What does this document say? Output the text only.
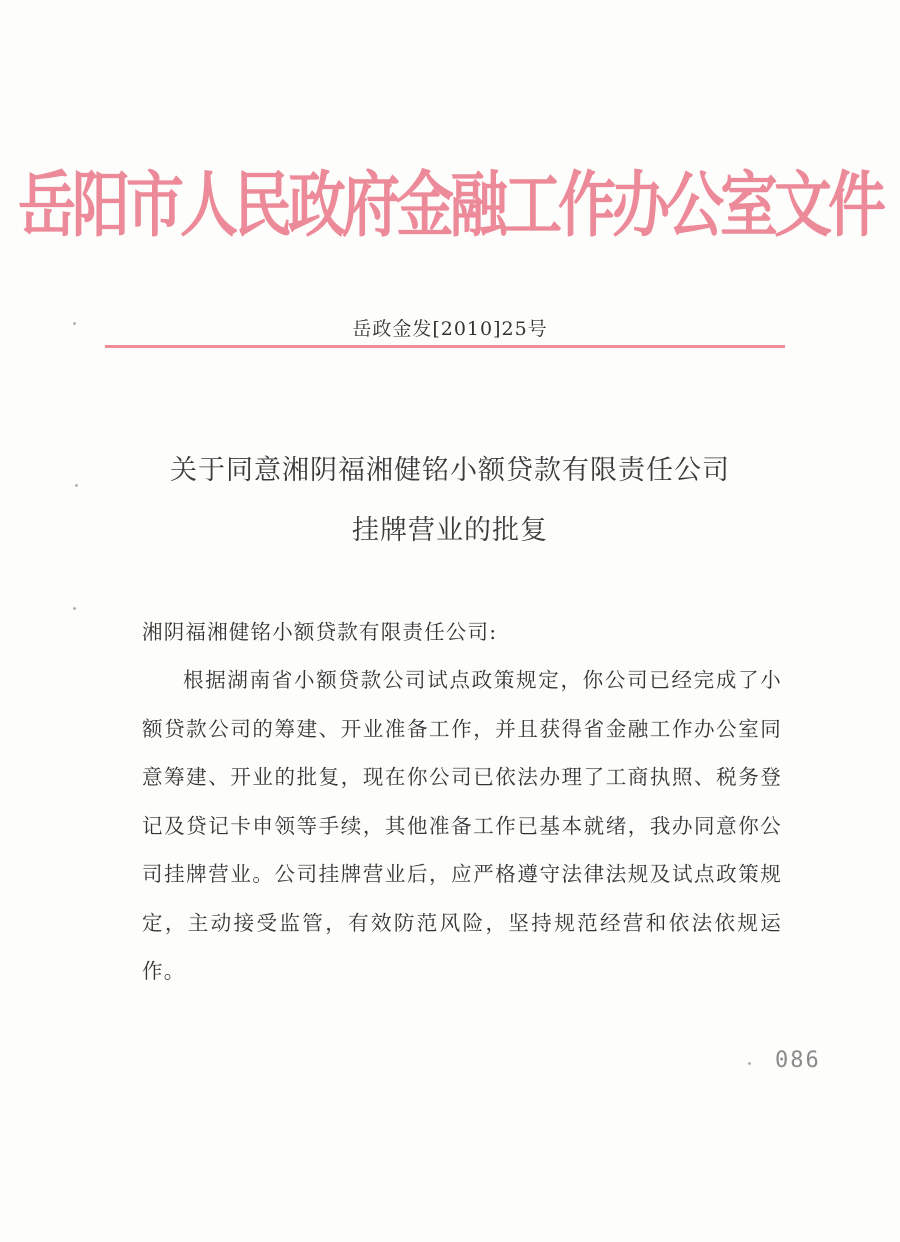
岳阳市人民政府金融工作办公室文件
岳政金发[2010]25号
关于同意湘阴福湘健铭小额贷款有限责任公司
挂牌营业的批复
湘阴福湘健铭小额贷款有限责任公司:
根据湖南省小额贷款公司试点政策规定，你公司已经完成了小额贷款公司的筹建、开业准备工作，并且获得省金融工作办公室同意筹建、开业的批复，现在你公司已依法办理了工商执照、税务登记及贷记卡申领等手续，其他准备工作已基本就绪，我办同意你公司挂牌营业。公司挂牌营业后，应严格遵守法律法规及试点政策规定，主动接受监管，有效防范风险，坚持规范经营和依法依规运作。
086
